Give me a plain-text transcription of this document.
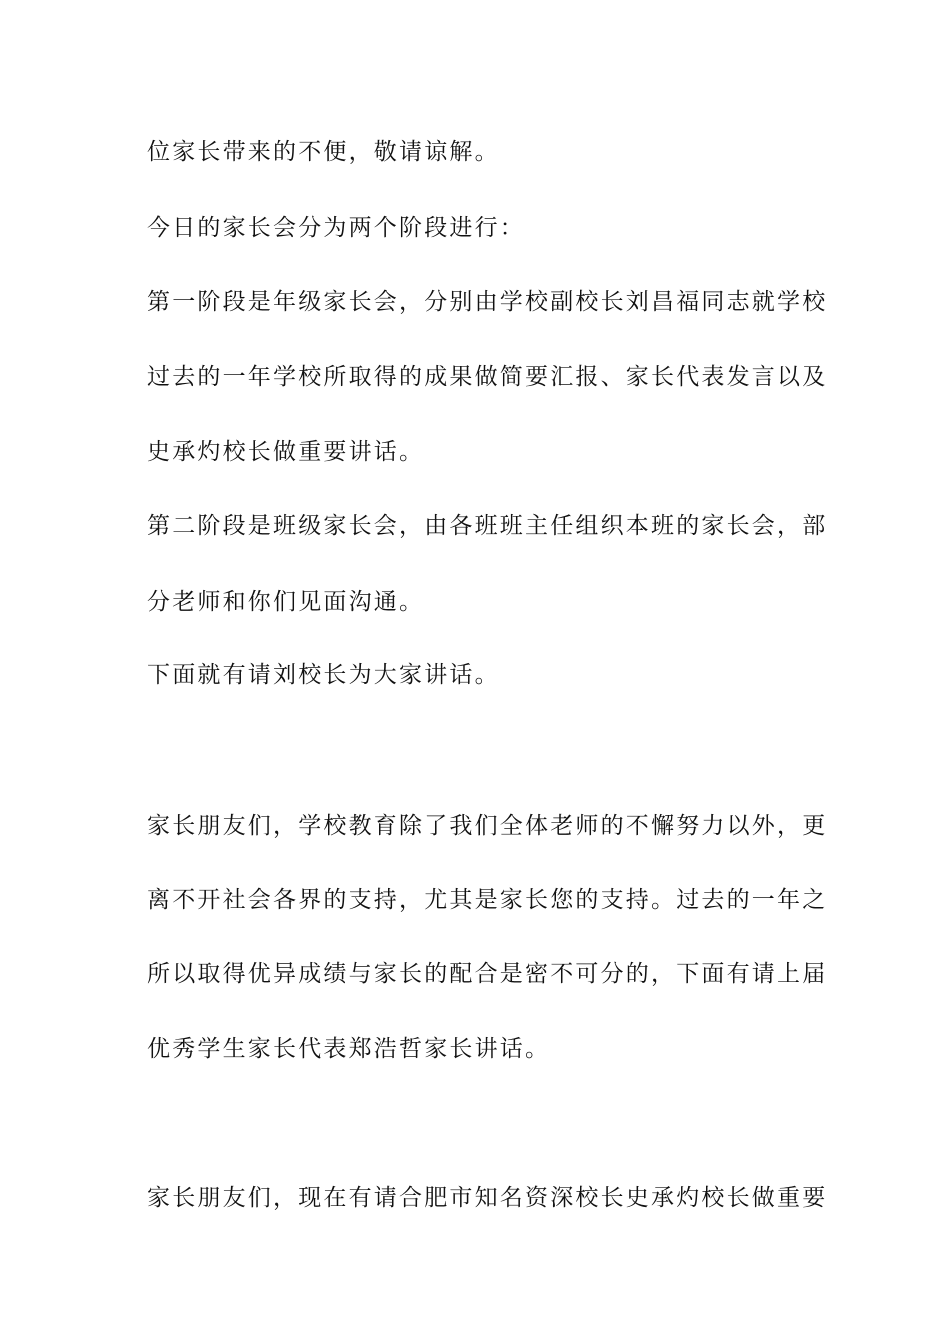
位家长带来的不便，敬请谅解。
今日的家长会分为两个阶段进行：
第一阶段是年级家长会，分别由学校副校长刘昌福同志就学校
过去的一年学校所取得的成果做简要汇报、家长代表发言以及
史承灼校长做重要讲话。
第二阶段是班级家长会，由各班班主任组织本班的家长会，部
分老师和你们见面沟通。
下面就有请刘校长为大家讲话。
家长朋友们，学校教育除了我们全体老师的不懈努力以外，更
离不开社会各界的支持，尤其是家长您的支持。过去的一年之
所以取得优异成绩与家长的配合是密不可分的，下面有请上届
优秀学生家长代表郑浩哲家长讲话。
家长朋友们，现在有请合肥市知名资深校长史承灼校长做重要
